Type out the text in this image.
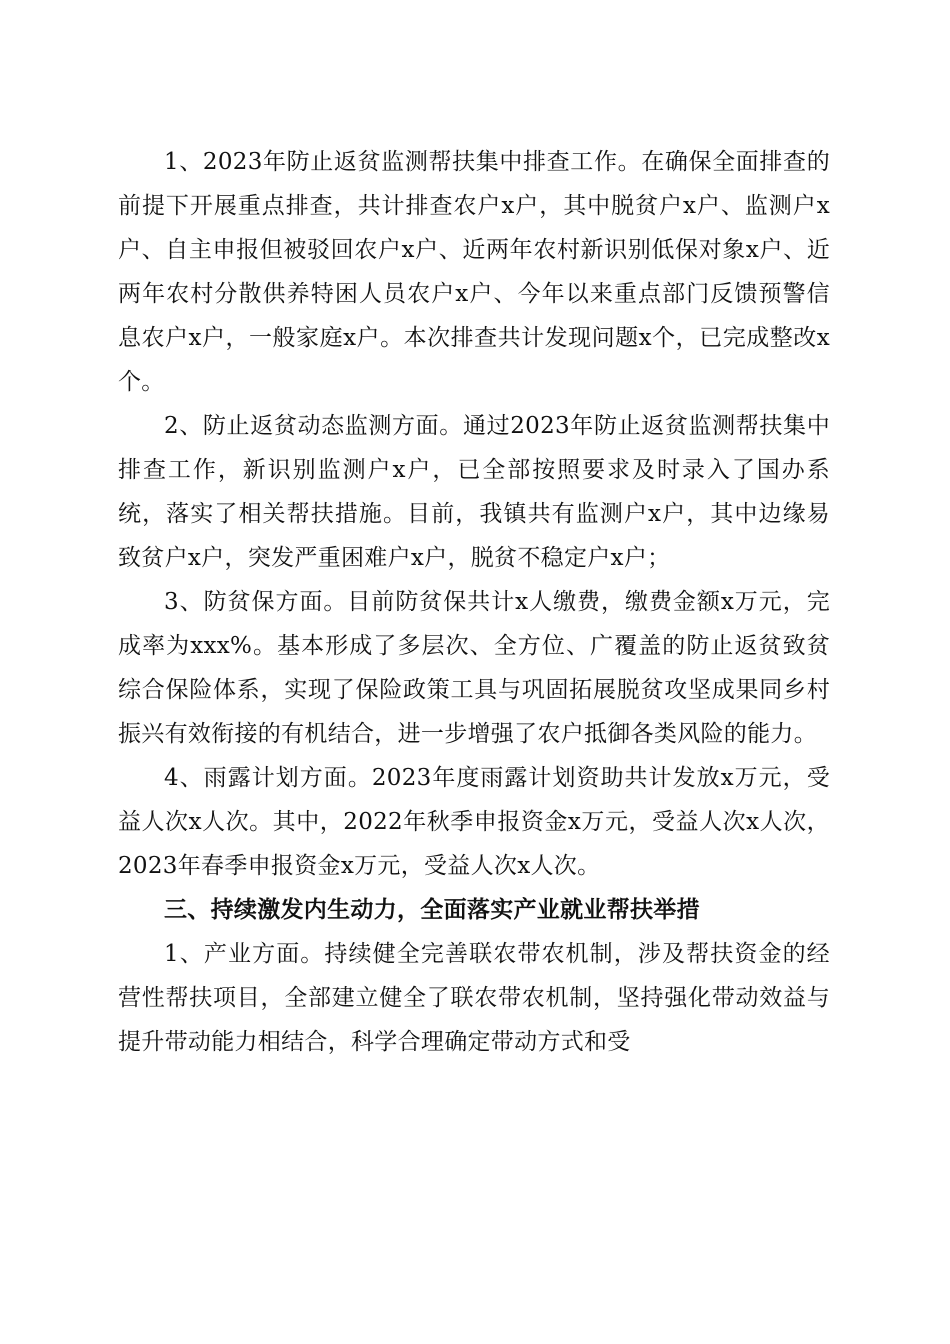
1、2023年防止返贫监测帮扶集中排查工作。在确保全面排查的前提下开展重点排查，共计排查农户x户，其中脱贫户x户、监测户x户、自主申报但被驳回农户x户、近两年农村新识别低保对象x户、近两年农村分散供养特困人员农户x户、今年以来重点部门反馈预警信息农户x户，一般家庭x户。本次排查共计发现问题x个，已完成整改x个。

2、防止返贫动态监测方面。通过2023年防止返贫监测帮扶集中排查工作，新识别监测户x户，已全部按照要求及时录入了国办系统，落实了相关帮扶措施。目前，我镇共有监测户x户，其中边缘易致贫户x户，突发严重困难户x户，脱贫不稳定户x户；

3、防贫保方面。目前防贫保共计x人缴费，缴费金额x万元，完成率为xxx%。基本形成了多层次、全方位、广覆盖的防止返贫致贫综合保险体系，实现了保险政策工具与巩固拓展脱贫攻坚成果同乡村振兴有效衔接的有机结合，进一步增强了农户抵御各类风险的能力。

4、雨露计划方面。2023年度雨露计划资助共计发放x万元，受益人次x人次。其中，2022年秋季申报资金x万元，受益人次x人次，2023年春季申报资金x万元，受益人次x人次。

三、持续激发内生动力，全面落实产业就业帮扶举措

1、产业方面。持续健全完善联农带农机制，涉及帮扶资金的经营性帮扶项目，全部建立健全了联农带农机制，坚持强化带动效益与提升带动能力相结合，科学合理确定带动方式和受
